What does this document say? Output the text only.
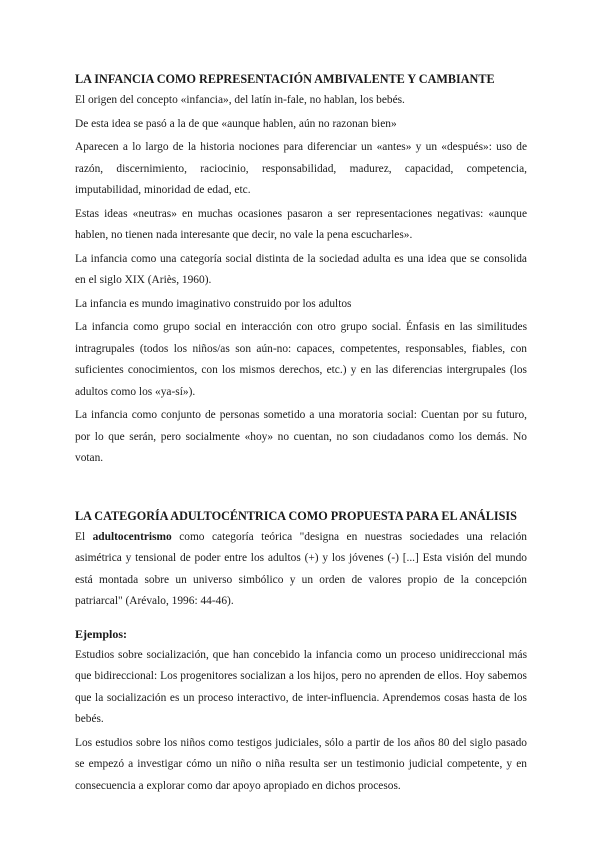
LA INFANCIA COMO REPRESENTACIÓN AMBIVALENTE Y CAMBIANTE

El origen del concepto «infancia», del latín in-fale, no hablan, los bebés.

De esta idea se pasó a la de que «aunque hablen, aún no razonan bien»

Aparecen a lo largo de la historia nociones para diferenciar un «antes» y un «después»: uso de razón, discernimiento, raciocinio, responsabilidad, madurez, capacidad, competencia, imputabilidad, minoridad de edad, etc.

Estas ideas «neutras» en muchas ocasiones pasaron a ser representaciones negativas: «aunque hablen, no tienen nada interesante que decir, no vale la pena escucharles».

La infancia como una categoría social distinta de la sociedad adulta es una idea que se consolida en el siglo XIX (Ariès, 1960).

La infancia es mundo imaginativo construido por los adultos

La infancia como grupo social en interacción con otro grupo social. Énfasis en las similitudes intragrupales (todos los niños/as son aún-no: capaces, competentes, responsables, fiables, con suficientes conocimientos, con los mismos derechos, etc.) y en las diferencias intergrupales (los adultos como los «ya-sí»).

La infancia como conjunto de personas sometido a una moratoria social: Cuentan por su futuro, por lo que serán, pero socialmente «hoy» no cuentan, no son ciudadanos como los demás. No votan.

LA CATEGORÍA ADULTOCÉNTRICA COMO PROPUESTA PARA EL ANÁLISIS

El adultocentrismo como categoría teórica "designa en nuestras sociedades una relación asimétrica y tensional de poder entre los adultos (+) y los jóvenes (-) [...] Esta visión del mundo está montada sobre un universo simbólico y un orden de valores propio de la concepción patriarcal" (Arévalo, 1996: 44-46).

Ejemplos:

Estudios sobre socialización, que han concebido la infancia como un proceso unidireccional más que bidireccional: Los progenitores socializan a los hijos, pero no aprenden de ellos. Hoy sabemos que la socialización es un proceso interactivo, de inter-influencia. Aprendemos cosas hasta de los bebés.

Los estudios sobre los niños como testigos judiciales, sólo a partir de los años 80 del siglo pasado se empezó a investigar cómo un niño o niña resulta ser un testimonio judicial competente, y en consecuencia a explorar como dar apoyo apropiado en dichos procesos.
